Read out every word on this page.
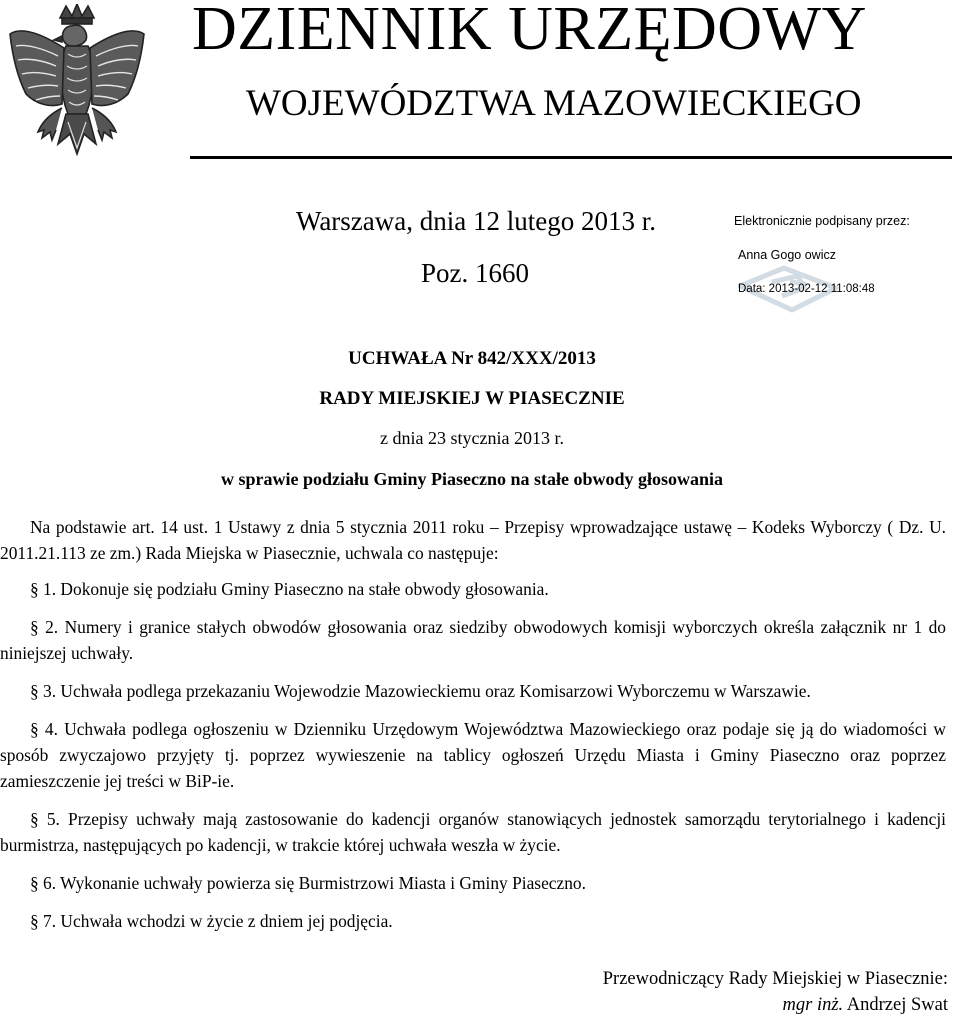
DZIENNIK URZĘDOWY
WOJEWÓDZTWA MAZOWIECKIEGO
Warszawa, dnia 12 lutego 2013 r.
Poz. 1660
Elektronicznie podpisany przez:
Anna Gogo owicz
Data: 2013-02-12 11:08:48
UCHWAŁA Nr 842/XXX/2013
RADY MIEJSKIEJ W PIASECZNIE
z dnia 23 stycznia 2013 r.
w sprawie podziału Gminy Piaseczno na stałe obwody głosowania

Na podstawie art. 14 ust. 1 Ustawy z dnia 5 stycznia 2011 roku – Przepisy wprowadzające ustawę – Kodeks Wyborczy ( Dz. U. 2011.21.113 ze zm.) Rada Miejska w Piasecznie, uchwala co następuje:

§ 1. Dokonuje się podziału Gminy Piaseczno na stałe obwody głosowania.

§ 2. Numery i granice stałych obwodów głosowania oraz siedziby obwodowych komisji wyborczych określa załącznik nr 1 do niniejszej uchwały.

§ 3. Uchwała podlega przekazaniu Wojewodzie Mazowieckiemu oraz Komisarzowi Wyborczemu w Warszawie.

§ 4. Uchwała podlega ogłoszeniu w Dzienniku Urzędowym Województwa Mazowieckiego oraz podaje się ją do wiadomości w sposób zwyczajowo przyjęty tj. poprzez wywieszenie na tablicy ogłoszeń Urzędu Miasta i Gminy Piaseczno oraz poprzez zamieszczenie jej treści w BiP-ie.

§ 5. Przepisy uchwały mają zastosowanie do kadencji organów stanowiących jednostek samorządu terytorialnego i kadencji burmistrza, następujących po kadencji, w trakcie której uchwała weszła w życie.

§ 6. Wykonanie uchwały powierza się Burmistrzowi Miasta i Gminy Piaseczno.

§ 7. Uchwała wchodzi w życie z dniem jej podjęcia.

Przewodniczący Rady Miejskiej w Piasecznie:
mgr inż. Andrzej Swat
